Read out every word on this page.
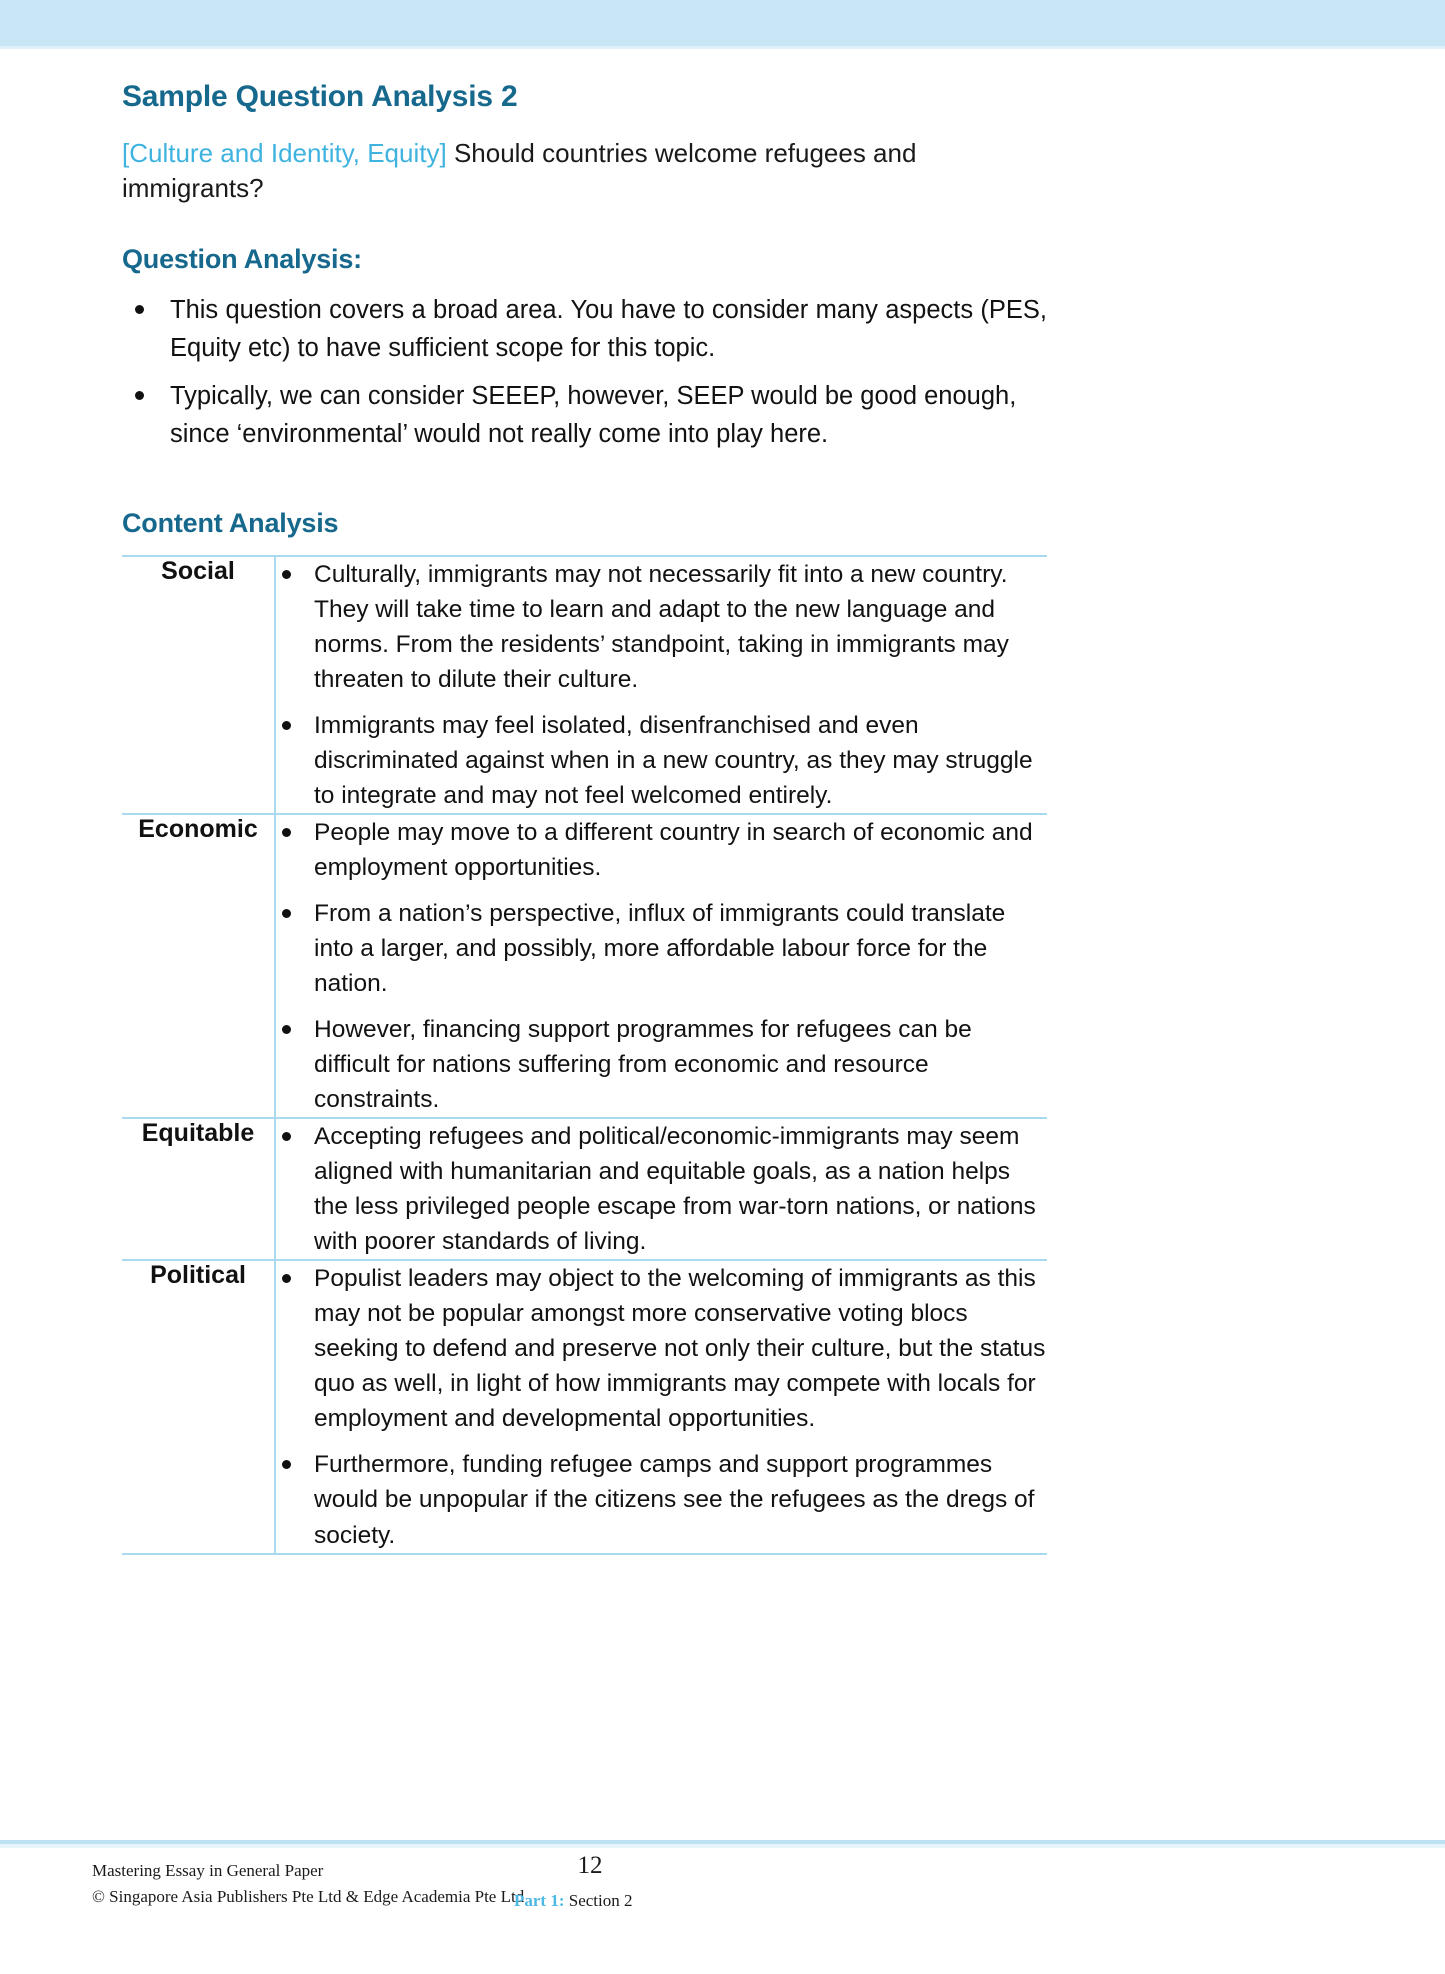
Sample Question Analysis 2

[Culture and Identity, Equity] Should countries welcome refugees and immigrants?

Question Analysis:
This question covers a broad area. You have to consider many aspects (PES, Equity etc) to have sufficient scope for this topic.
Typically, we can consider SEEEP, however, SEEP would be good enough, since ‘environmental’ would not really come into play here.
Content Analysis
Social	Culturally, immigrants may not necessarily fit into a new country. They will take time to learn and adapt to the new language and norms. From the residents’ standpoint, taking in immigrants may threaten to dilute their culture.
Immigrants may feel isolated, disenfranchised and even discriminated against when in a new country, as they may struggle to integrate and may not feel welcomed entirely.

Economic	People may move to a different country in search of economic and employment opportunities.
From a nation’s perspective, influx of immigrants could translate into a larger, and possibly, more affordable labour force for the nation.
However, financing support programmes for refugees can be difficult for nations suffering from economic and resource constraints.

Equitable	Accepting refugees and political/economic-immigrants may seem aligned with humanitarian and equitable goals, as a nation helps the less privileged people escape from war-torn nations, or nations with poorer standards of living.

Political	Populist leaders may object to the welcoming of immigrants as this may not be popular amongst more conservative voting blocs seeking to defend and preserve not only their culture, but the status quo as well, in light of how immigrants may compete with locals for employment and developmental opportunities.
Furthermore, funding refugee camps and support programmes would be unpopular if the citizens see the refugees as the dregs of society.
Mastering Essay in General Paper
© Singapore Asia Publishers Pte Ltd & Edge Academia Pte Ltd
12
Part 1: Section 2
